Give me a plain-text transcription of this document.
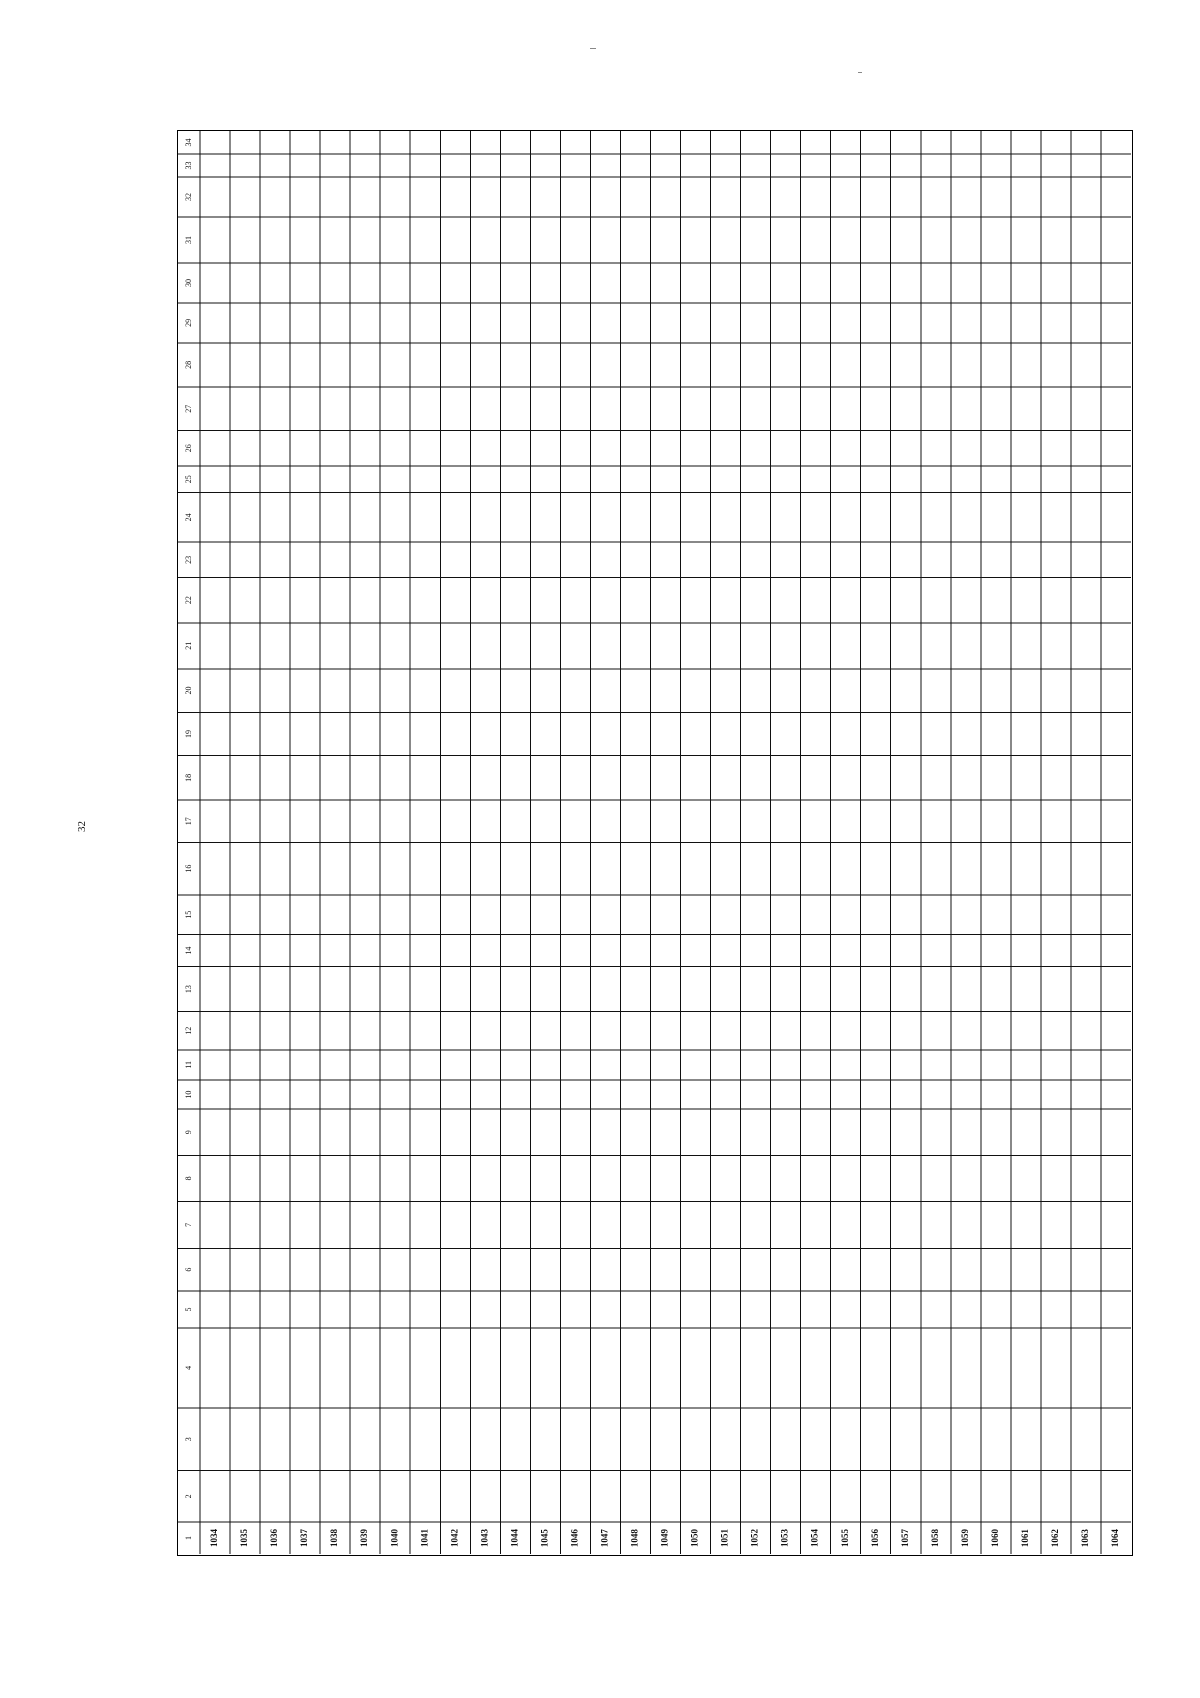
32
1
2
3
4
5
6
7
8
9
10
11
12
13
14
15
16
17
18
19
20
21
22
23
24
25
26
27
28
29
30
31
32
33
34
1034 1035 1036 1037 1038 1039 1040 1041 1042 1043 1044 1045 1046 1047 1048 1049 1050 1051 1052 1053 1054 1055 1056 1057 1058 1059 1060 1061 1062 1063 1064
